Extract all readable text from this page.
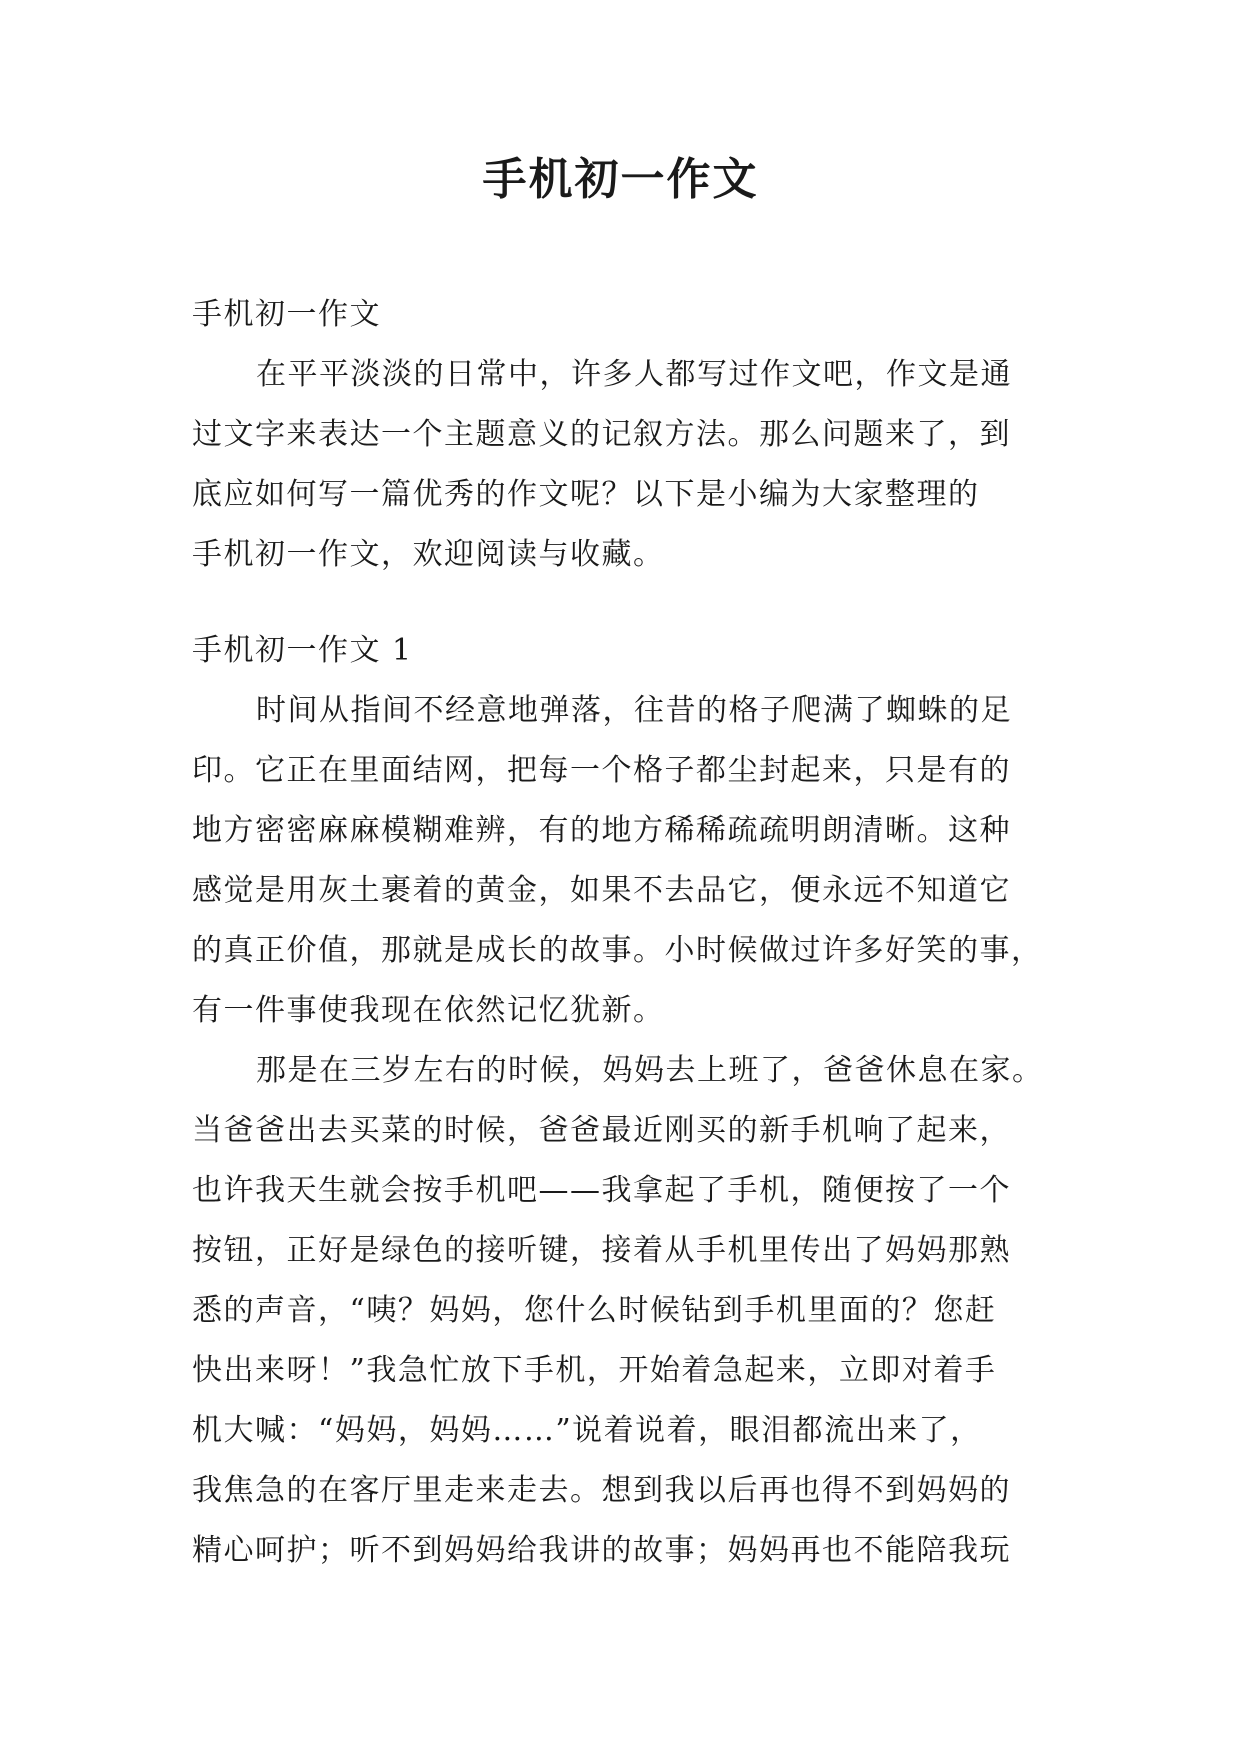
手机初一作文
手机初一作文
在平平淡淡的日常中，许多人都写过作文吧，作文是通
过文字来表达一个主题意义的记叙方法。那么问题来了，到
底应如何写一篇优秀的作文呢？以下是小编为大家整理的
手机初一作文，欢迎阅读与收藏。
手机初一作文 1
时间从指间不经意地弹落，往昔的格子爬满了蜘蛛的足
印。它正在里面结网，把每一个格子都尘封起来，只是有的
地方密密麻麻模糊难辨，有的地方稀稀疏疏明朗清晰。这种
感觉是用灰土裹着的黄金，如果不去品它，便永远不知道它
的真正价值，那就是成长的故事。小时候做过许多好笑的事，
有一件事使我现在依然记忆犹新。
那是在三岁左右的时候，妈妈去上班了，爸爸休息在家。
当爸爸出去买菜的时候，爸爸最近刚买的新手机响了起来，
也许我天生就会按手机吧——我拿起了手机，随便按了一个
按钮，正好是绿色的接听键，接着从手机里传出了妈妈那熟
悉的声音，“咦？妈妈，您什么时候钻到手机里面的？您赶
快出来呀！”我急忙放下手机，开始着急起来，立即对着手
机大喊：“妈妈，妈妈……”说着说着，眼泪都流出来了，
我焦急的在客厅里走来走去。想到我以后再也得不到妈妈的
精心呵护；听不到妈妈给我讲的故事；妈妈再也不能陪我玩
